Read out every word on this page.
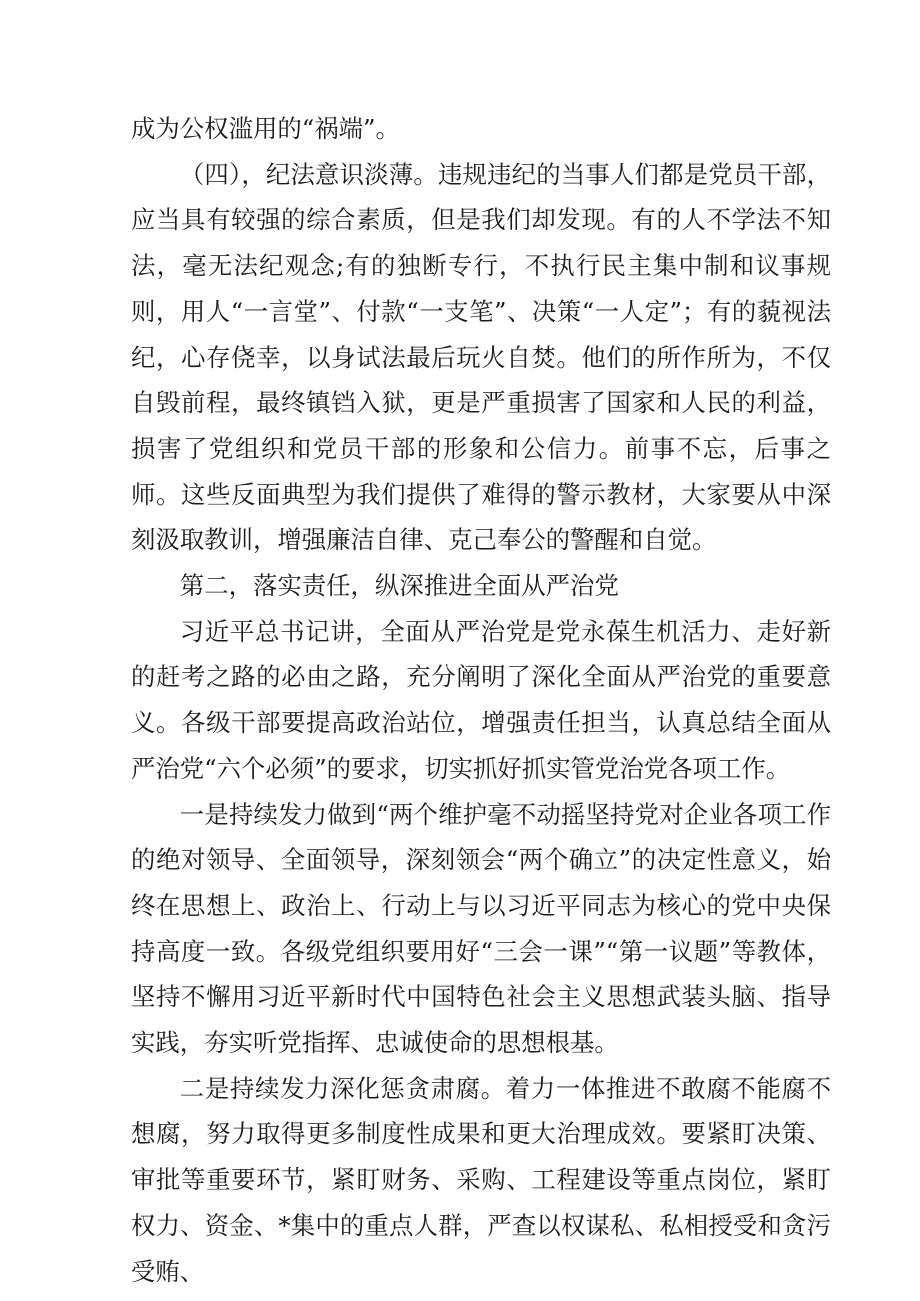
成为公权滥用的“祸端”。

（四），纪法意识淡薄。违规违纪的当事人们都是党员干部，应当具有较强的综合素质，但是我们却发现。有的人不学法不知法，毫无法纪观念;有的独断专行，不执行民主集中制和议事规则，用人“一言堂”、付款“一支笔”、决策“一人定”；有的藐视法纪，心存侥幸，以身试法最后玩火自焚。他们的所作所为，不仅自毁前程，最终镇铛入狱，更是严重损害了国家和人民的利益，损害了党组织和党员干部的形象和公信力。前事不忘，后事之师。这些反面典型为我们提供了难得的警示教材，大家要从中深刻汲取教训，增强廉洁自律、克己奉公的警醒和自觉。

第二，落实责任，纵深推进全面从严治党

习近平总书记讲，全面从严治党是党永葆生机活力、走好新的赶考之路的必由之路，充分阐明了深化全面从严治党的重要意义。各级干部要提高政治站位，增强责任担当，认真总结全面从严治党“六个必须”的要求，切实抓好抓实管党治党各项工作。

一是持续发力做到“两个维护毫不动摇坚持党对企业各项工作的绝对领导、全面领导，深刻领会“两个确立”的决定性意义，始终在思想上、政治上、行动上与以习近平同志为核心的党中央保持高度一致。各级党组织要用好“三会一课”“第一议题”等教体，坚持不懈用习近平新时代中国特色社会主义思想武装头脑、指导实践，夯实听党指挥、忠诚使命的思想根基。

二是持续发力深化惩贪肃腐。着力一体推进不敢腐不能腐不想腐，努力取得更多制度性成果和更大治理成效。要紧盯决策、审批等重要环节，紧盯财务、采购、工程建设等重点岗位，紧盯权力、资金、*集中的重点人群，严查以权谋私、私相授受和贪污受贿、
